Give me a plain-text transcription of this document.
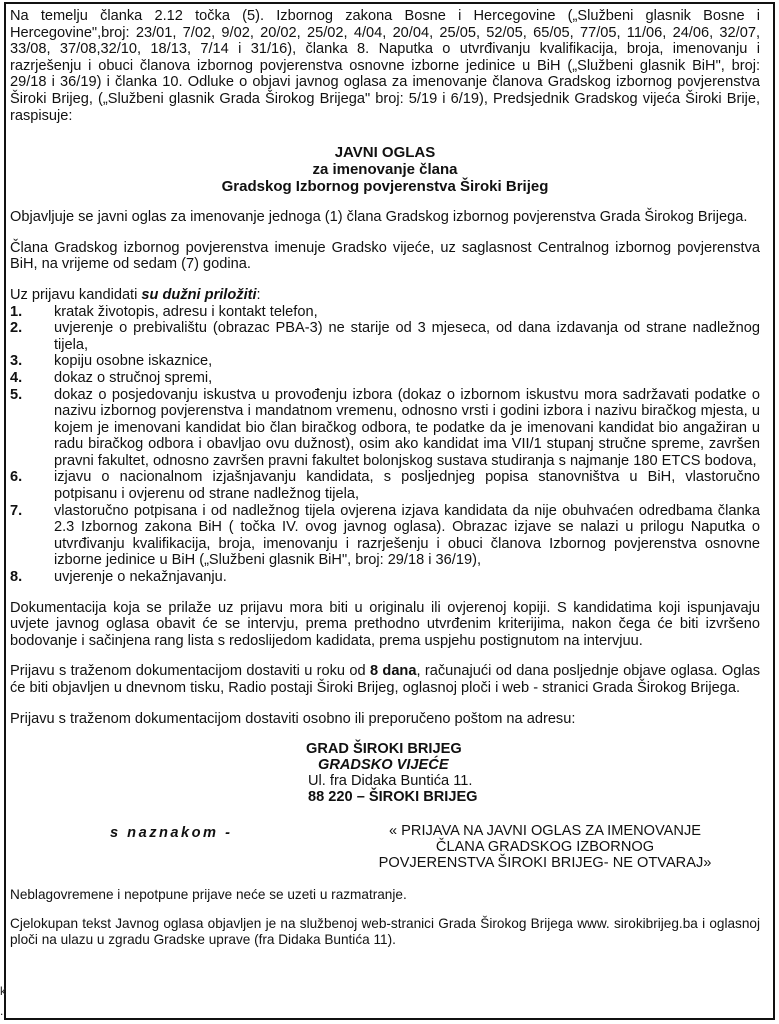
Na temelju članka 2.12 točka (5). Izbornog zakona Bosne i Hercegovine („Službeni glasnik Bosne i Hercegovine",broj: 23/01, 7/02, 9/02, 20/02, 25/02, 4/04, 20/04, 25/05, 52/05, 65/05, 77/05, 11/06, 24/06, 32/07, 33/08, 37/08,32/10, 18/13, 7/14 i 31/16), članka 8. Naputka o utvrđivanju kvalifikacija, broja, imenovanju i razrješenju i obuci članova izbornog povjerenstva osnovne izborne jedinice u BiH („Službeni glasnik BiH", broj: 29/18 i 36/19) i članka 10. Odluke o objavi javnog oglasa za imenovanje članova Gradskog izbornog povjerenstva Široki Brijeg, („Službeni glasnik Grada Širokog Brijega" broj: 5/19 i 6/19), Predsjednik Gradskog vijeća Široki Brije, raspisuje:

JAVNI OGLAS
za imenovanje člana
Gradskog Izbornog povjerenstva Široki Brijeg

Objavljuje se javni oglas za imenovanje jednoga (1) člana Gradskog izbornog povjerenstva Grada Širokog Brijega.

Člana Gradskog izbornog povjerenstva imenuje Gradsko vijeće, uz saglasnost Centralnog izbornog povjerenstva BiH, na vrijeme od sedam (7) godina.

Uz prijavu kandidati su dužni priložiti:

1.	kratak životopis, adresu i kontakt telefon,
2.	uvjerenje o prebivalištu (obrazac PBA-3) ne starije od 3 mjeseca, od dana izdavanja od strane nadležnog tijela,
3.	kopiju osobne iskaznice,
4.	dokaz o stručnoj spremi,
5.	dokaz o posjedovanju iskustva u provođenju izbora (dokaz o izbornom iskustvu mora sadržavati podatke o nazivu izbornog povjerenstva i mandatnom vremenu, odnosno vrsti i godini izbora i nazivu biračkog mjesta, u kojem je imenovani kandidat bio član biračkog odbora, te podatke da je imenovani kandidat bio angažiran u radu biračkog odbora i obavljao ovu dužnost), osim ako kandidat ima VII/1 stupanj stručne spreme, završen pravni fakultet, odnosno završen pravni fakultet bolonjskog sustava studiranja s najmanje 180 ETCS bodova,
6.	izjavu o nacionalnom izjašnjavanju kandidata, s posljednjeg popisa stanovništva u BiH, vlastoručno potpisanu i ovjerenu od strane nadležnog tijela,
7.	vlastoručno potpisana i od nadležnog tijela ovjerena izjava kandidata da nije obuhvaćen odredbama članka 2.3 Izbornog zakona BiH ( točka IV. ovog javnog oglasa). Obrazac izjave se nalazi u prilogu Naputka o utvrđivanju kvalifikacija, broja, imenovanju i razrješenju i obuci članova Izbornog povjerenstva osnovne izborne jedinice u BiH („Službeni glasnik BiH", broj: 29/18 i 36/19),
8.	uvjerenje o nekažnjavanju.

Dokumentacija koja se prilaže uz prijavu mora biti u originalu ili ovjerenoj kopiji. S kandidatima koji ispunjavaju uvjete javnog oglasa obavit će se intervju, prema prethodno utvrđenim kriterijima, nakon čega će biti izvršeno bodovanje i sačinjena rang lista s redoslijedom kadidata, prema uspjehu postignutom na intervjuu.

Prijavu s traženom dokumentacijom dostaviti u roku od 8 dana, računajući od dana posljednje objave oglasa. Oglas će biti objavljen u dnevnom tisku, Radio postaji Široki Brijeg, oglasnoj ploči i web - stranici Grada Širokog Brijega.

Prijavu s traženom dokumentacijom dostaviti osobno ili preporučeno poštom na adresu:

GRAD ŠIROKI BRIJEG
GRADSKO VIJEĆE
Ul. fra Didaka Buntića 11.
88 220 – ŠIROKI BRIJEG
s naznakom -	« PRIJAVA NA JAVNI OGLAS ZA IMENOVANJE
ČLANA GRADSKOG IZBORNOG
POVJERENSTVA ŠIROKI BRIJEG- NE OTVARAJ»

Neblagovremene i nepotpune prijave neće se uzeti u razmatranje.

Cjelokupan tekst Javnog oglasa objavljen je na službenoj web-stranici Grada Širokog Brijega www. sirokibrijeg.ba i oglasnoj ploči na ulazu u zgradu Gradske uprave (fra Didaka Buntića 11).

k
.
